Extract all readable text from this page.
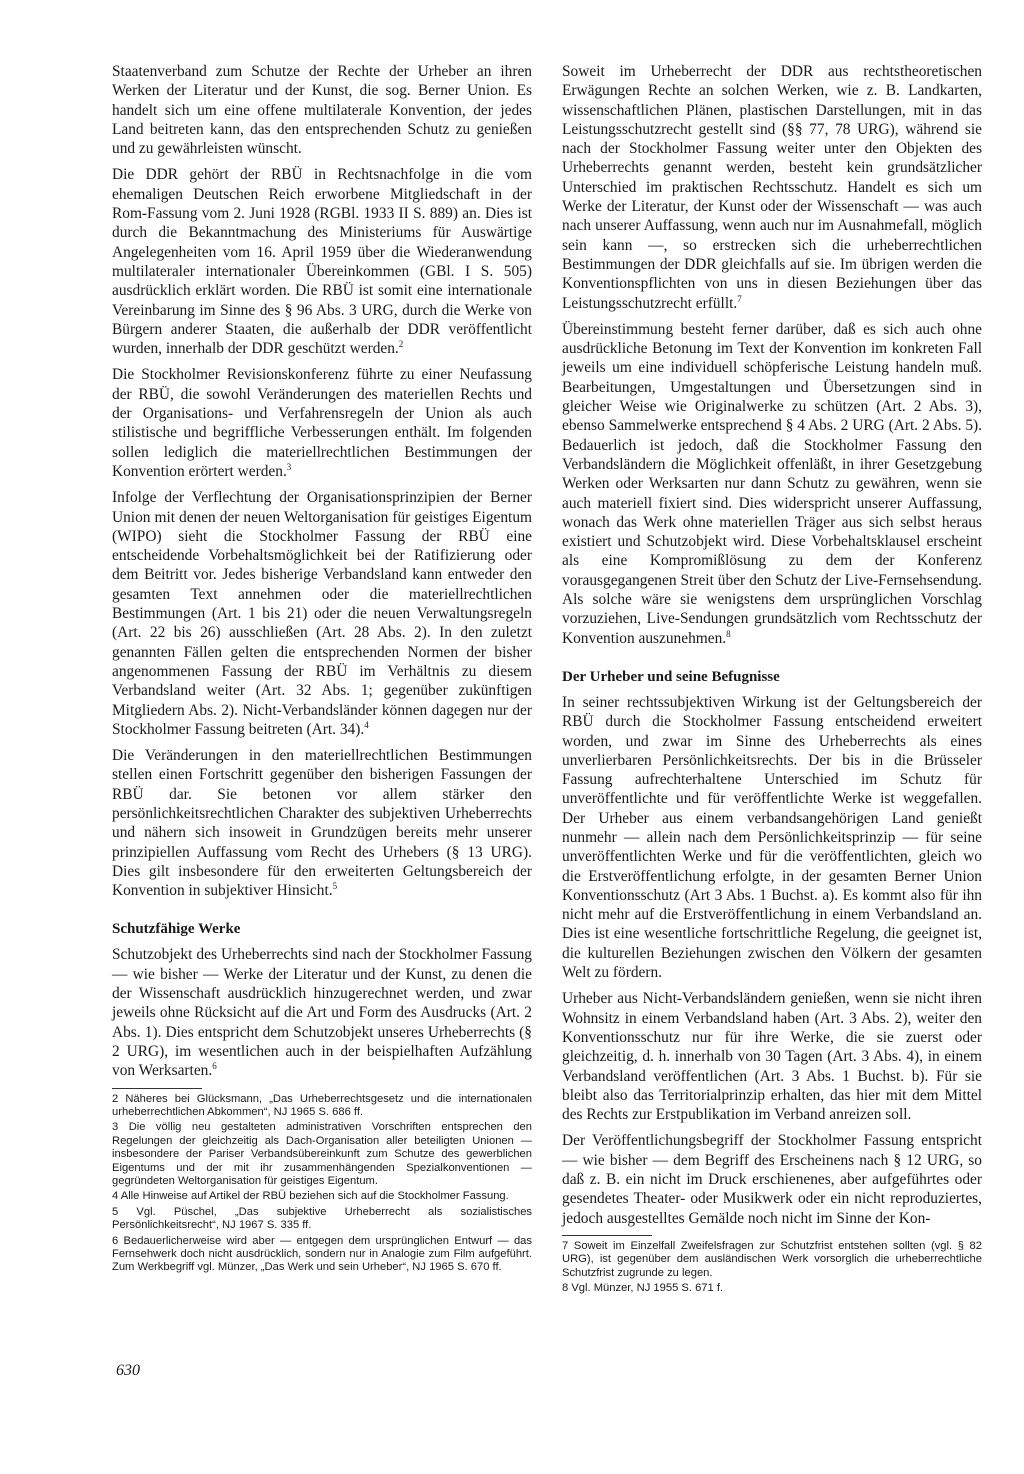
Staatenverband zum Schutze der Rechte der Urheber an ihren Werken der Literatur und der Kunst, die sog. Berner Union. Es handelt sich um eine offene multilaterale Konvention, der jedes Land beitreten kann, das den entsprechenden Schutz zu genießen und zu gewährleisten wünscht.

Die DDR gehört der RBÜ in Rechtsnachfolge in die vom ehemaligen Deutschen Reich erworbene Mitgliedschaft in der Rom-Fassung vom 2. Juni 1928 (RGBl. 1933 II S. 889) an. Dies ist durch die Bekanntmachung des Ministeriums für Auswärtige Angelegenheiten vom 16. April 1959 über die Wiederanwendung multilateraler internationaler Übereinkommen (GBl. I S. 505) ausdrücklich erklärt worden. Die RBÜ ist somit eine internationale Vereinbarung im Sinne des § 96 Abs. 3 URG, durch die Werke von Bürgern anderer Staaten, die außerhalb der DDR veröffentlicht wurden, innerhalb der DDR geschützt werden.$^2$

Die Stockholmer Revisionskonferenz führte zu einer Neufassung der RBÜ, die sowohl Veränderungen des materiellen Rechts und der Organisations- und Verfahrensregeln der Union als auch stilistische und begriffliche Verbesserungen enthält. Im folgenden sollen lediglich die materiellrechtlichen Bestimmungen der Konvention erörtert werden.$^3$

Infolge der Verflechtung der Organisationsprinzipien der Berner Union mit denen der neuen Weltorganisation für geistiges Eigentum (WIPO) sieht die Stockholmer Fassung der RBÜ eine entscheidende Vorbehaltsmöglichkeit bei der Ratifizierung oder dem Beitritt vor. Jedes bisherige Verbandsland kann entweder den gesamten Text annehmen oder die materiellrechtlichen Bestimmungen (Art. 1 bis 21) oder die neuen Verwaltungsregeln (Art. 22 bis 26) ausschließen (Art. 28 Abs. 2). In den zuletzt genannten Fällen gelten die entsprechenden Normen der bisher angenommenen Fassung der RBÜ im Verhältnis zu diesem Verbandsland weiter (Art. 32 Abs. 1; gegenüber zukünftigen Mitgliedern Abs. 2). Nicht-Verbandsländer können dagegen nur der Stockholmer Fassung beitreten (Art. 34).$^4$

Die Veränderungen in den materiellrechtlichen Bestimmungen stellen einen Fortschritt gegenüber den bisherigen Fassungen der RBÜ dar. Sie betonen vor allem stärker den persönlichkeitsrechtlichen Charakter des subjektiven Urheberrechts und nähern sich insoweit in Grundzügen bereits mehr unserer prinzipiellen Auffassung vom Recht des Urhebers (§ 13 URG). Dies gilt insbesondere für den erweiterten Geltungsbereich der Konvention in subjektiver Hinsicht.$^5$

Schutzfähige Werke

Schutzobjekt des Urheberrechts sind nach der Stockholmer Fassung — wie bisher — Werke der Literatur und der Kunst, zu denen die der Wissenschaft ausdrücklich hinzugerechnet werden, und zwar jeweils ohne Rücksicht auf die Art und Form des Ausdrucks (Art. 2 Abs. 1). Dies entspricht dem Schutzobjekt unseres Urheberrechts (§ 2 URG), im wesentlichen auch in der beispielhaften Aufzählung von Werksarten.$^6$

2 Näheres bei Glücksmann, „Das Urheberrechtsgesetz und die internationalen urheberrechtlichen Abkommen“, NJ 1965 S. 686 ff.

3 Die völlig neu gestalteten administrativen Vorschriften entsprechen den Regelungen der gleichzeitig als Dach-Organisation aller beteiligten Unionen — insbesondere der Pariser Verbandsübereinkunft zum Schutze des gewerblichen Eigentums und der mit ihr zusammenhängenden Spezialkonventionen — gegründeten Weltorganisation für geistiges Eigentum.

4 Alle Hinweise auf Artikel der RBÜ beziehen sich auf die Stockholmer Fassung.

5 Vgl. Püschel, „Das subjektive Urheberrecht als sozialistisches Persönlichkeitsrecht“, NJ 1967 S. 335 ff.

6 Bedauerlicherweise wird aber — entgegen dem ursprünglichen Entwurf — das Fernsehwerk doch nicht ausdrücklich, sondern nur in Analogie zum Film aufgeführt. Zum Werkbegriff vgl. Münzer, „Das Werk und sein Urheber“, NJ 1965 S. 670 ff.

Soweit im Urheberrecht der DDR aus rechtstheoretischen Erwägungen Rechte an solchen Werken, wie z. B. Landkarten, wissenschaftlichen Plänen, plastischen Darstellungen, mit in das Leistungsschutzrecht gestellt sind (§§ 77, 78 URG), während sie nach der Stockholmer Fassung weiter unter den Objekten des Urheberrechts genannt werden, besteht kein grundsätzlicher Unterschied im praktischen Rechtsschutz. Handelt es sich um Werke der Literatur, der Kunst oder der Wissenschaft — was auch nach unserer Auffassung, wenn auch nur im Ausnahmefall, möglich sein kann —, so erstrecken sich die urheberrechtlichen Bestimmungen der DDR gleichfalls auf sie. Im übrigen werden die Konventionspflichten von uns in diesen Beziehungen über das Leistungsschutzrecht erfüllt.$^7$

Übereinstimmung besteht ferner darüber, daß es sich auch ohne ausdrückliche Betonung im Text der Konvention im konkreten Fall jeweils um eine individuell schöpferische Leistung handeln muß. Bearbeitungen, Umgestaltungen und Übersetzungen sind in gleicher Weise wie Originalwerke zu schützen (Art. 2 Abs. 3), ebenso Sammelwerke entsprechend § 4 Abs. 2 URG (Art. 2 Abs. 5). Bedauerlich ist jedoch, daß die Stockholmer Fassung den Verbandsländern die Möglichkeit offenläßt, in ihrer Gesetzgebung Werken oder Werksarten nur dann Schutz zu gewähren, wenn sie auch materiell fixiert sind. Dies widerspricht unserer Auffassung, wonach das Werk ohne materiellen Träger aus sich selbst heraus existiert und Schutzobjekt wird. Diese Vorbehaltsklausel erscheint als eine Kompromißlösung zu dem der Konferenz vorausgegangenen Streit über den Schutz der Live-Fernsehsendung. Als solche wäre sie wenigstens dem ursprünglichen Vorschlag vorzuziehen, Live-Sendungen grundsätzlich vom Rechtsschutz der Konvention auszunehmen.$^8$

Der Urheber und seine Befugnisse

In seiner rechtssubjektiven Wirkung ist der Geltungsbereich der RBÜ durch die Stockholmer Fassung entscheidend erweitert worden, und zwar im Sinne des Urheberrechts als eines unverlierbaren Persönlichkeitsrechts. Der bis in die Brüsseler Fassung aufrechterhaltene Unterschied im Schutz für unveröffentlichte und für veröffentlichte Werke ist weggefallen. Der Urheber aus einem verbandsangehörigen Land genießt nunmehr — allein nach dem Persönlichkeitsprinzip — für seine unveröffentlichten Werke und für die veröffentlichten, gleich wo die Erstveröffentlichung erfolgte, in der gesamten Berner Union Konventionsschutz (Art 3 Abs. 1 Buchst. a). Es kommt also für ihn nicht mehr auf die Erstveröffentlichung in einem Verbandsland an. Dies ist eine wesentliche fortschrittliche Regelung, die geeignet ist, die kulturellen Beziehungen zwischen den Völkern der gesamten Welt zu fördern.

Urheber aus Nicht-Verbandsländern genießen, wenn sie nicht ihren Wohnsitz in einem Verbandsland haben (Art. 3 Abs. 2), weiter den Konventionsschutz nur für ihre Werke, die sie zuerst oder gleichzeitig, d. h. innerhalb von 30 Tagen (Art. 3 Abs. 4), in einem Verbandsland veröffentlichen (Art. 3 Abs. 1 Buchst. b). Für sie bleibt also das Territorialprinzip erhalten, das hier mit dem Mittel des Rechts zur Erstpublikation im Verband anreizen soll.

Der Veröffentlichungsbegriff der Stockholmer Fassung entspricht — wie bisher — dem Begriff des Erscheinens nach § 12 URG, so daß z. B. ein nicht im Druck erschienenes, aber aufgeführtes oder gesendetes Theater- oder Musikwerk oder ein nicht reproduziertes, jedoch ausgestelltes Gemälde noch nicht im Sinne der Kon-

7 Soweit im Einzelfall Zweifelsfragen zur Schutzfrist entstehen sollten (vgl. § 82 URG), ist gegenüber dem ausländischen Werk vorsorglich die urheberrechtliche Schutzfrist zugrunde zu legen.

8 Vgl. Münzer, NJ 1955 S. 671 f.

630
